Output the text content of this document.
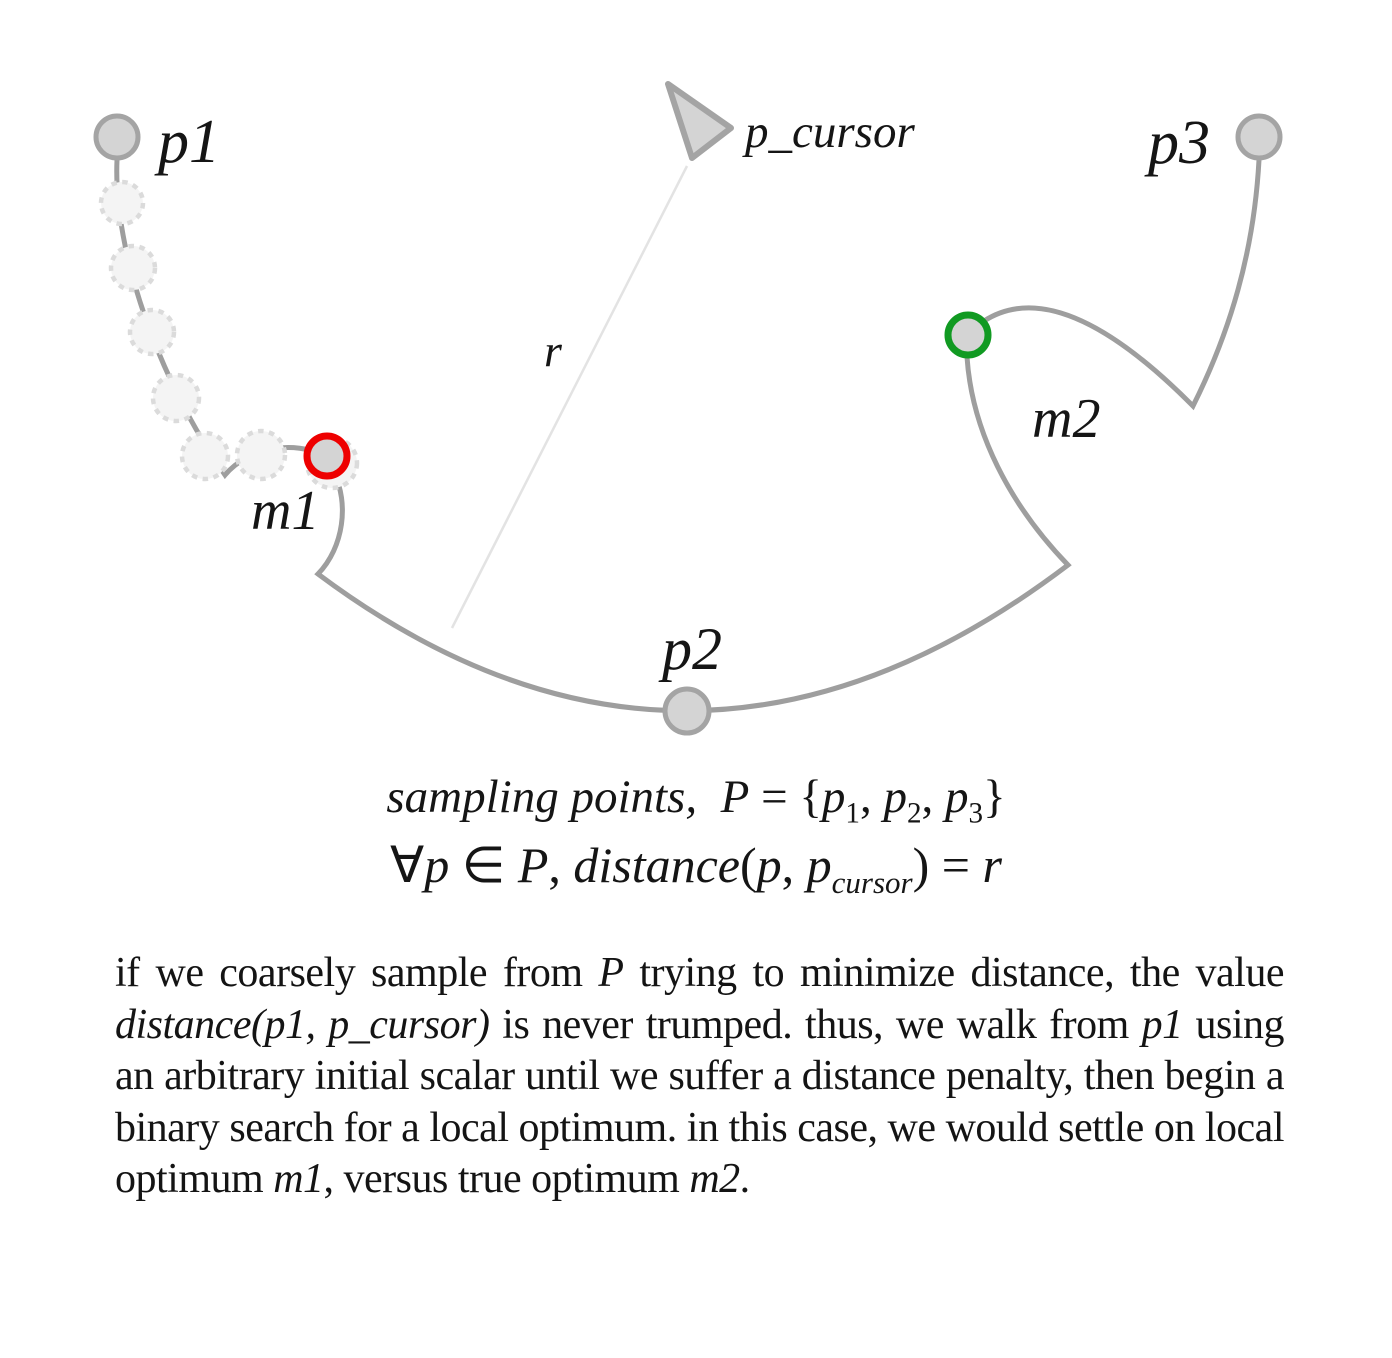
p1	p_cursor	p3
p2
m1
m2
r
sampling points, $P = \{p_1$, $p_2$, $p_3$}
∀p ∈ P, distance(p, $p_{cursor}) = r$
if we coarsely sample from P trying to minimize distance, the value distance(p1, p_cursor) is never trumped. thus, we walk from p1 using an arbitrary initial scalar until we suffer a distance penalty, then begin a binary search for a local optimum. in this case, we would settle on local optimum m1, versus true optimum m2.
